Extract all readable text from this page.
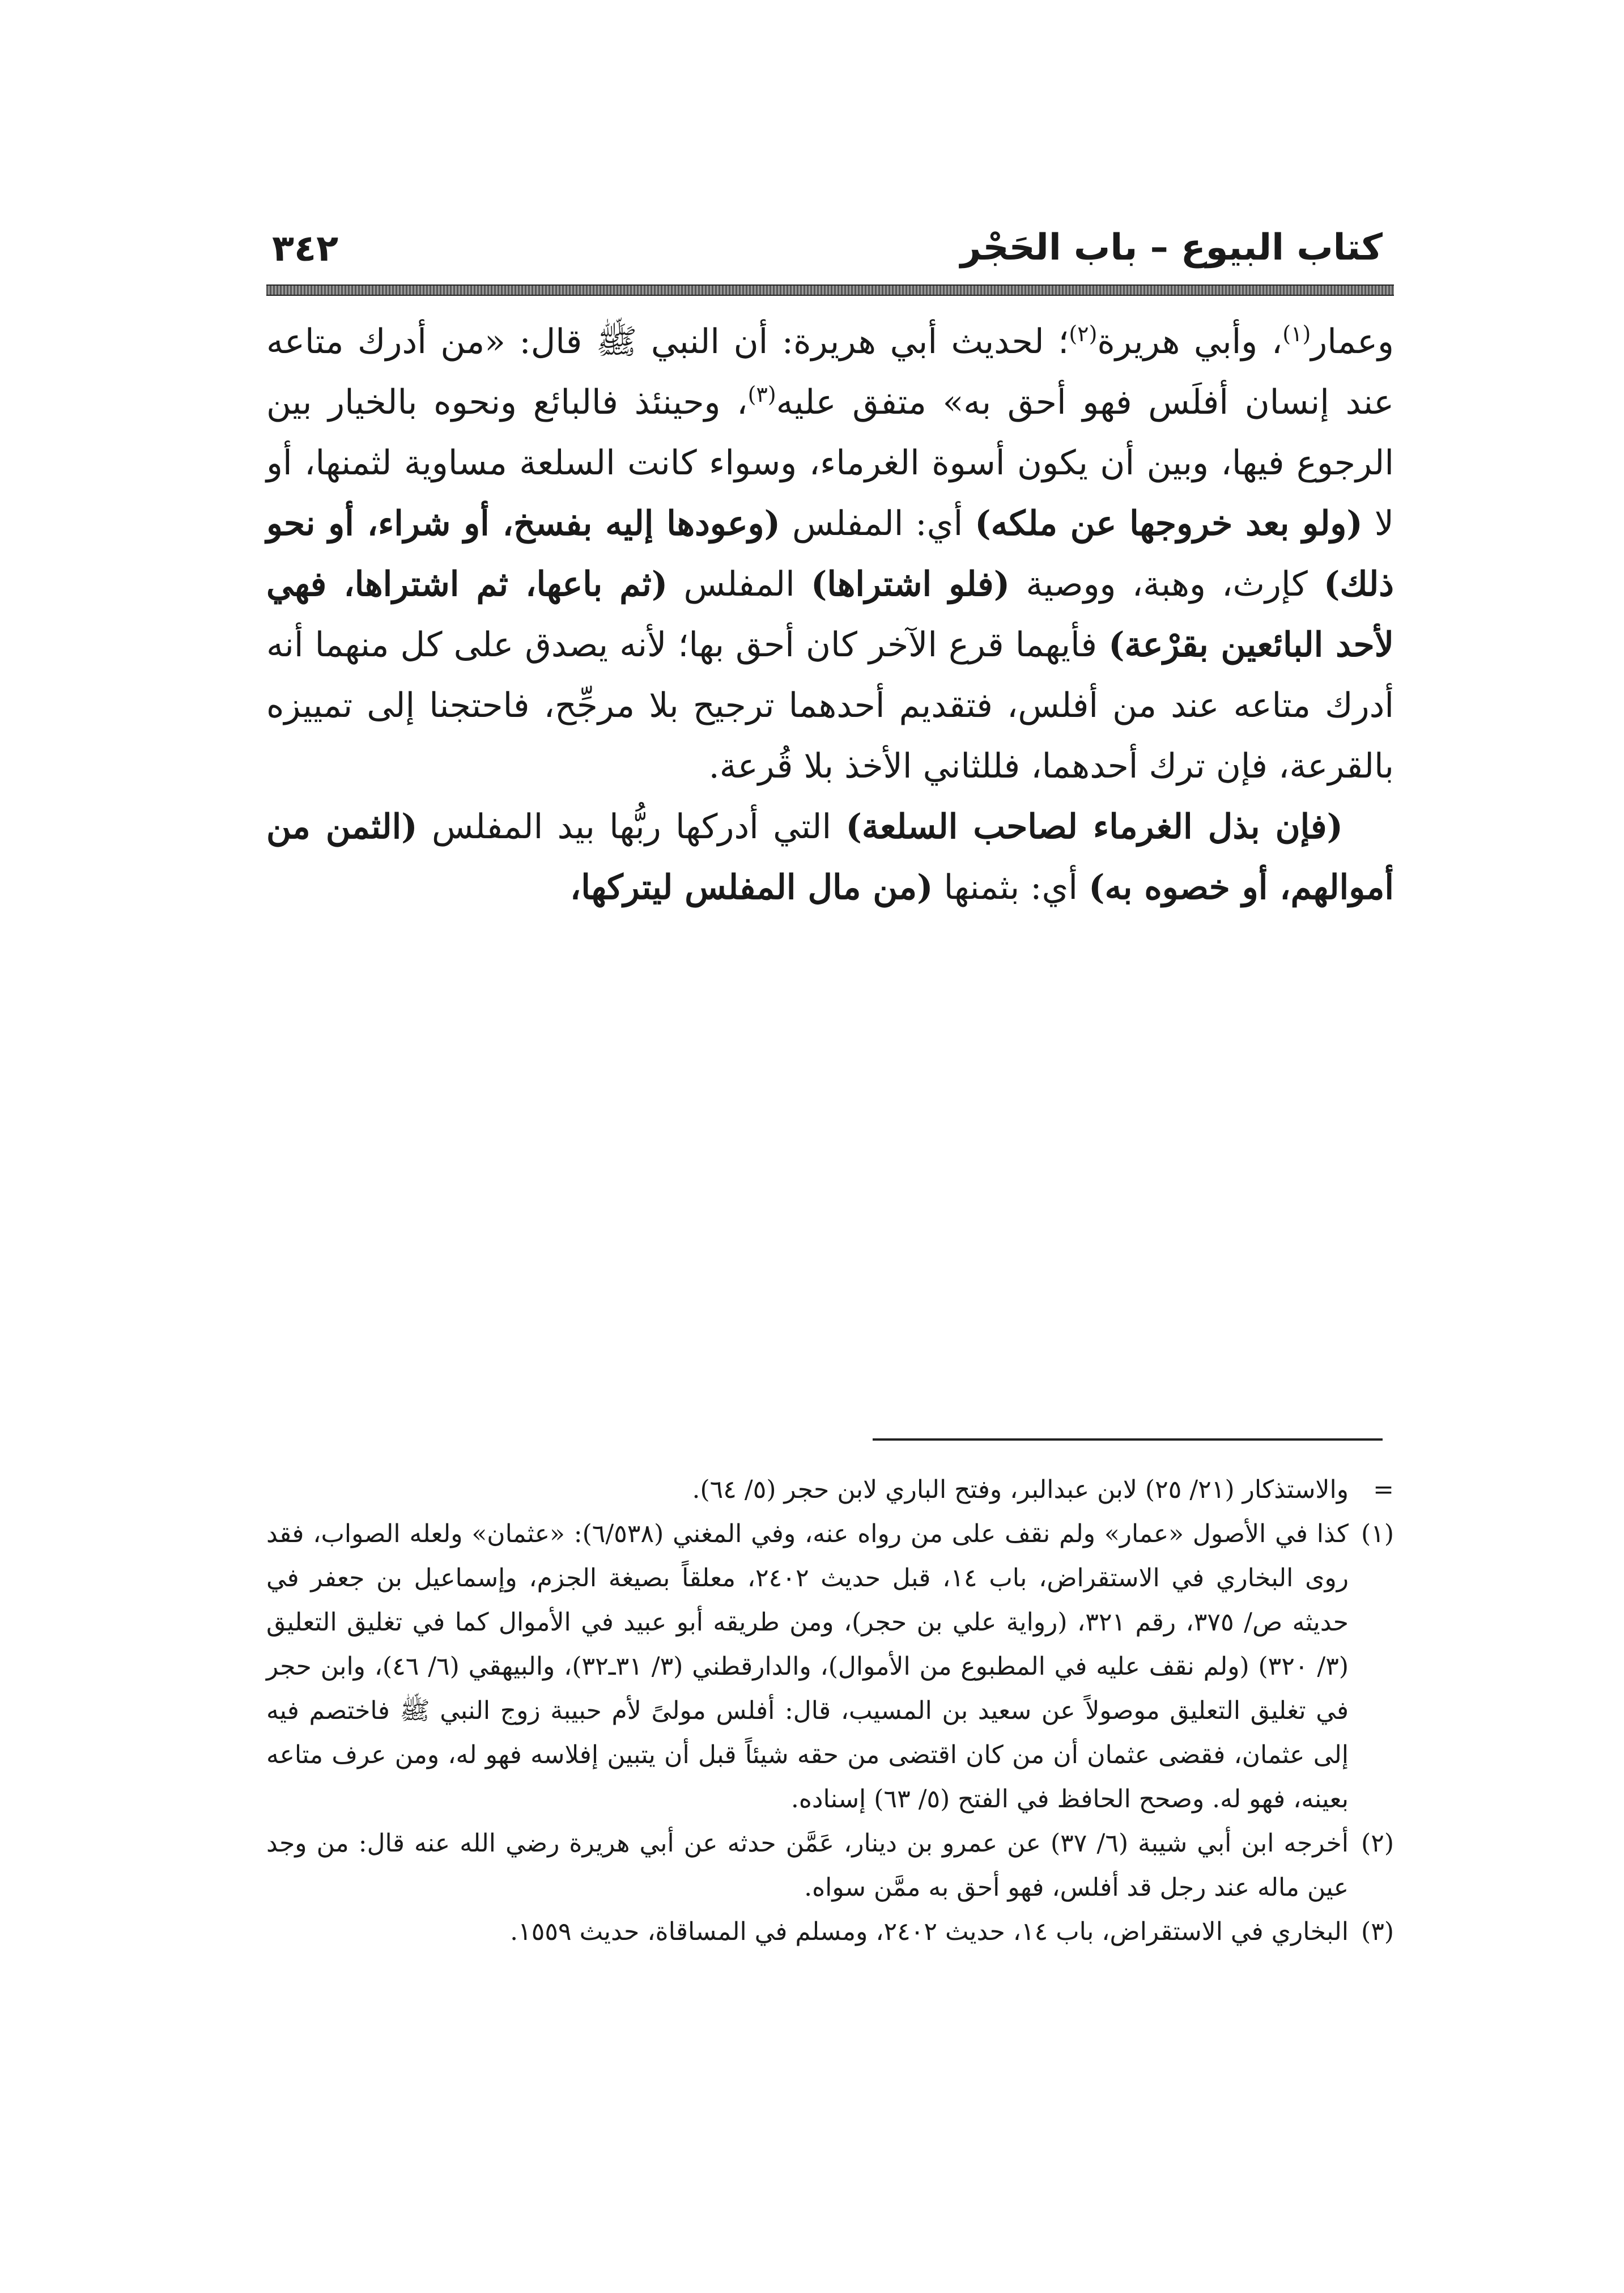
كتاب البيوع – باب الحَجْر
٣٤٢

وعمار$^{(١)}$، وأبي هريرة$^{(٢)}$؛ لحديث أبي هريرة: أن النبي ﷺ قال: «من أدرك متاعه عند إنسان أفلَس فهو أحق به» متفق عليه$^{(٣)}$، وحينئذ فالبائع ونحوه بالخيار بين الرجوع فيها، وبين أن يكون أسوة الغرماء، وسواء كانت السلعة مساوية لثمنها، أو لا (ولو بعد خروجها عن ملكه) أي: المفلس (وعودها إليه بفسخ، أو شراء، أو نحو ذلك) كإرث، وهبة، ووصية (فلو اشتراها) المفلس (ثم باعها، ثم اشتراها، فهي لأحد البائعين بقرْعة) فأيهما قرع الآخر كان أحق بها؛ لأنه يصدق على كل منهما أنه أدرك متاعه عند من أفلس، فتقديم أحدهما ترجيح بلا مرجِّح، فاحتجنا إلى تمييزه بالقرعة، فإن ترك أحدهما، فللثاني الأخذ بلا قُرعة.

(فإن بذل الغرماء لصاحب السلعة) التي أدركها ربُّها بيد المفلس (الثمن من أموالهم، أو خصوه به) أي: بثمنها (من مال المفلس ليتركها،

=
والاستذكار (٢١/ ٢٥) لابن عبدالبر، وفتح الباري لابن حجر (٥/ ٦٤).

(١)
كذا في الأصول «عمار» ولم نقف على من رواه عنه، وفي المغني (٦/٥٣٨): «عثمان» ولعله الصواب، فقد روى البخاري في الاستقراض، باب ١٤، قبل حديث ٢٤٠٢، معلقاً بصيغة الجزم، وإسماعيل بن جعفر في حديثه ص/ ٣٧٥، رقم ٣٢١، (رواية علي بن حجر)، ومن طريقه أبو عبيد في الأموال كما في تغليق التعليق (٣/ ٣٢٠) (ولم نقف عليه في المطبوع من الأموال)، والدارقطني (٣/ ٣١ـ٣٢)، والبيهقي (٦/ ٤٦)، وابن حجر في تغليق التعليق موصولاً عن سعيد بن المسيب، قال: أفلس مولىً لأم حبيبة زوج النبي ﷺ فاختصم فيه إلى عثمان، فقضى عثمان أن من كان اقتضى من حقه شيئاً قبل أن يتبين إفلاسه فهو له، ومن عرف متاعه بعينه، فهو له. وصحح الحافظ في الفتح (٥/ ٦٣) إسناده.

(٢)
أخرجه ابن أبي شيبة (٦/ ٣٧) عن عمرو بن دينار، عَمَّن حدثه عن أبي هريرة رضي الله عنه قال: من وجد عين ماله عند رجل قد أفلس، فهو أحق به ممَّن سواه.

(٣)
البخاري في الاستقراض، باب ١٤، حديث ٢٤٠٢، ومسلم في المساقاة، حديث ١٥٥٩.
